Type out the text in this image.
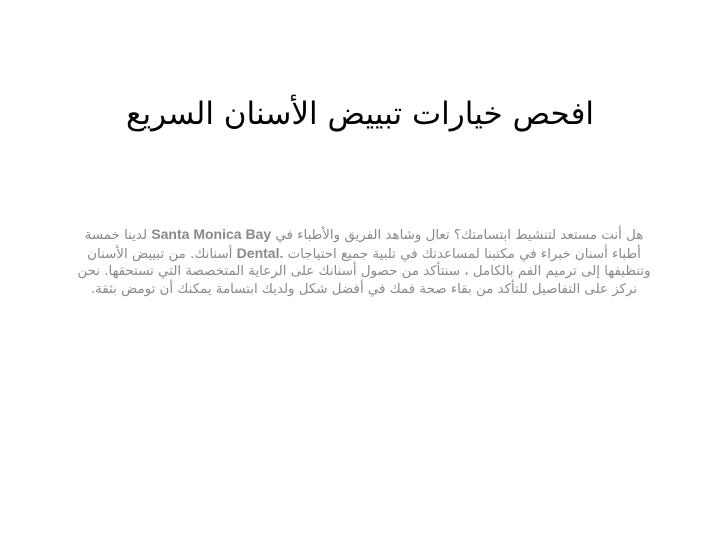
افحص خيارات تبييض الأسنان السريع

هل أنت مستعد لتنشيط ابتسامتك؟ تعال وشاهد الفريق والأطباء في Santa Monica Bay لدينا خمسة أطباء أسنان خبراء في مكتبنا لمساعدتك في تلبية جميع احتياجات Dental. أسنانك. من تبييض الأسنان وتنظيفها إلى ترميم الفم بالكامل ، سنتأكد من حصول أسنانك على الرعاية المتخصصة التي تستحقها. نحن نركز على التفاصيل للتأكد من بقاء صحة فمك في أفضل شكل ولديك ابتسامة يمكنك أن تومض بثقة.
